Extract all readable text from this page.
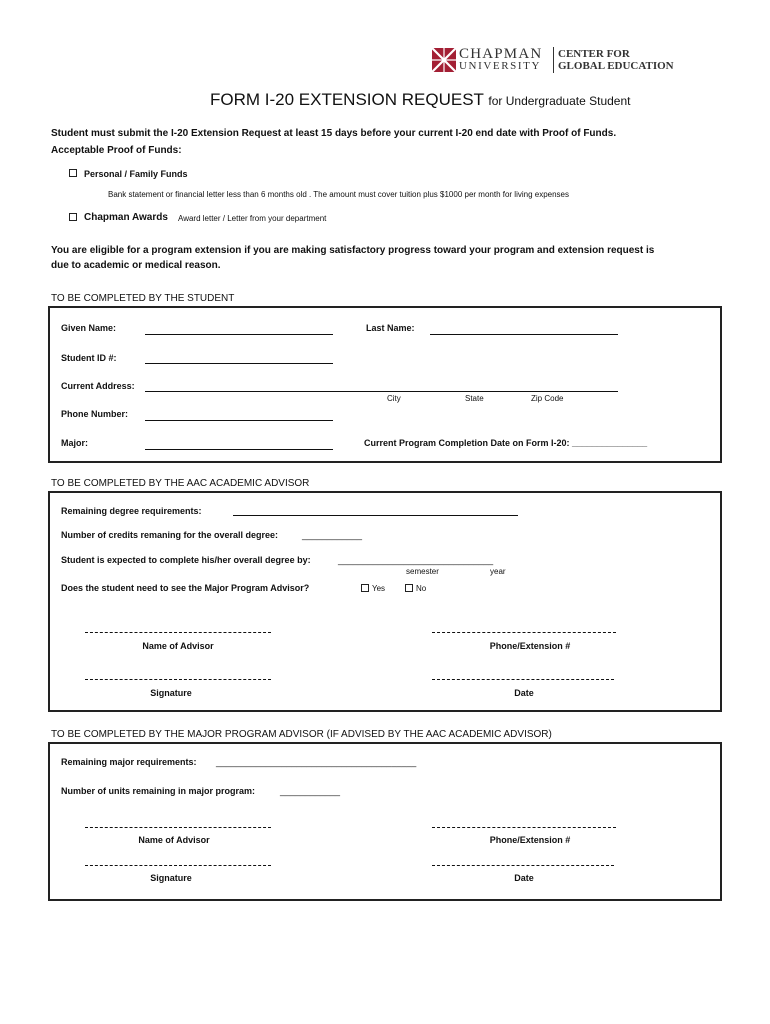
CHAPMAN
UNIVERSITY
CENTER FOR
GLOBAL EDUCATION
FORM I-20 EXTENSION REQUEST for Undergraduate Student
Student must submit the I-20 Extension Request at least 15 days before your current I-20 end date with Proof of Funds.
Acceptable Proof of Funds:
Personal / Family Funds
Bank statement or financial letter less than 6 months old . The amount must cover tuition plus $1000 per month for living expenses
Chapman Awards Award letter / Letter from your department
You are eligible for a program extension if you are making satisfactory progress toward your program and extension request is
due to academic or medical reason.
TO BE COMPLETED BY THE STUDENT
Given Name:	Last Name:
Student ID #:
Current Address:
City	State	Zip Code
Phone Number:
Major:	Current Program Completion Date on Form I-20: _______________
TO BE COMPLETED BY THE AAC ACADEMIC ADVISOR
Remaining degree requirements:
Number of credits remaning for the overall degree:	____________
Student is expected to complete his/her overall degree by:	_______________________________
semester	year
Does the student need to see the Major Program Advisor?	Yes	No
Name of Advisor	Phone/Extension #
Signature	Date
TO BE COMPLETED BY THE MAJOR PROGRAM ADVISOR (IF ADVISED BY THE AAC ACADEMIC ADVISOR)
Remaining major requirements: ________________________________________
Number of units remaining in major program:	____________
Name of Advisor	Phone/Extension #
Signature	Date
